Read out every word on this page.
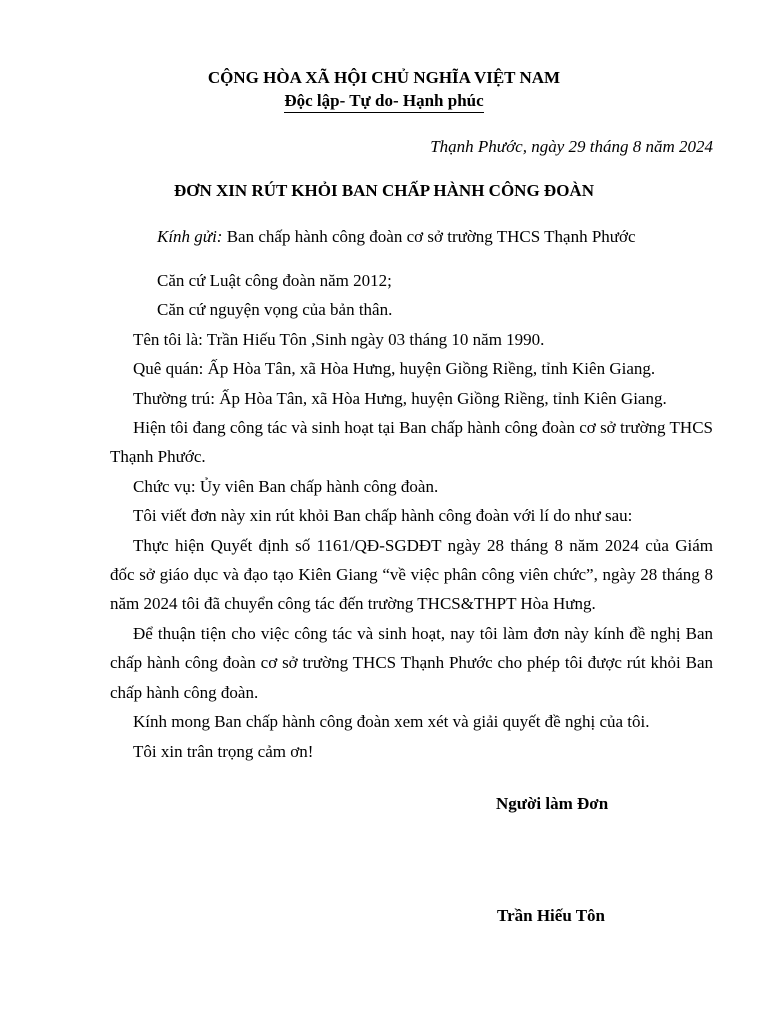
CỘNG HÒA XÃ HỘI CHỦ NGHĨA VIỆT NAM
Độc lập- Tự do- Hạnh phúc
Thạnh Phước, ngày 29 tháng 8 năm 2024
ĐƠN XIN RÚT KHỎI BAN CHẤP HÀNH CÔNG ĐOÀN
Kính gửi: Ban chấp hành công đoàn cơ sở trường THCS Thạnh Phước

Căn cứ Luật công đoàn năm 2012;

Căn cứ nguyện vọng của bản thân.

Tên tôi là: Trần Hiếu Tôn ,Sinh ngày 03 tháng 10 năm 1990.

Quê quán: Ấp Hòa Tân, xã Hòa Hưng, huyện Giồng Riềng, tỉnh Kiên Giang.

Thường trú: Ấp Hòa Tân, xã Hòa Hưng, huyện Giồng Riềng, tỉnh Kiên Giang.

Hiện tôi đang công tác và sinh hoạt tại Ban chấp hành công đoàn cơ sở trường THCS Thạnh Phước.

Chức vụ: Ủy viên Ban chấp hành công đoàn.

Tôi viết đơn này xin rút khỏi Ban chấp hành công đoàn với lí do như sau:

Thực hiện Quyết định số 1161/QĐ-SGDĐT ngày 28 tháng 8 năm 2024 của Giám đốc sở giáo dục và đạo tạo Kiên Giang “về việc phân công viên chức”, ngày 28 tháng 8 năm 2024 tôi đã chuyển công tác đến trường THCS&THPT Hòa Hưng.

Để thuận tiện cho việc công tác và sinh hoạt, nay tôi làm đơn này kính đề nghị Ban chấp hành công đoàn cơ sở trường THCS Thạnh Phước cho phép tôi được rút khỏi Ban chấp hành công đoàn.

Kính mong Ban chấp hành công đoàn xem xét và giải quyết đề nghị của tôi.

Tôi xin trân trọng cảm ơn!

Người làm Đơn
Trần Hiếu Tôn
